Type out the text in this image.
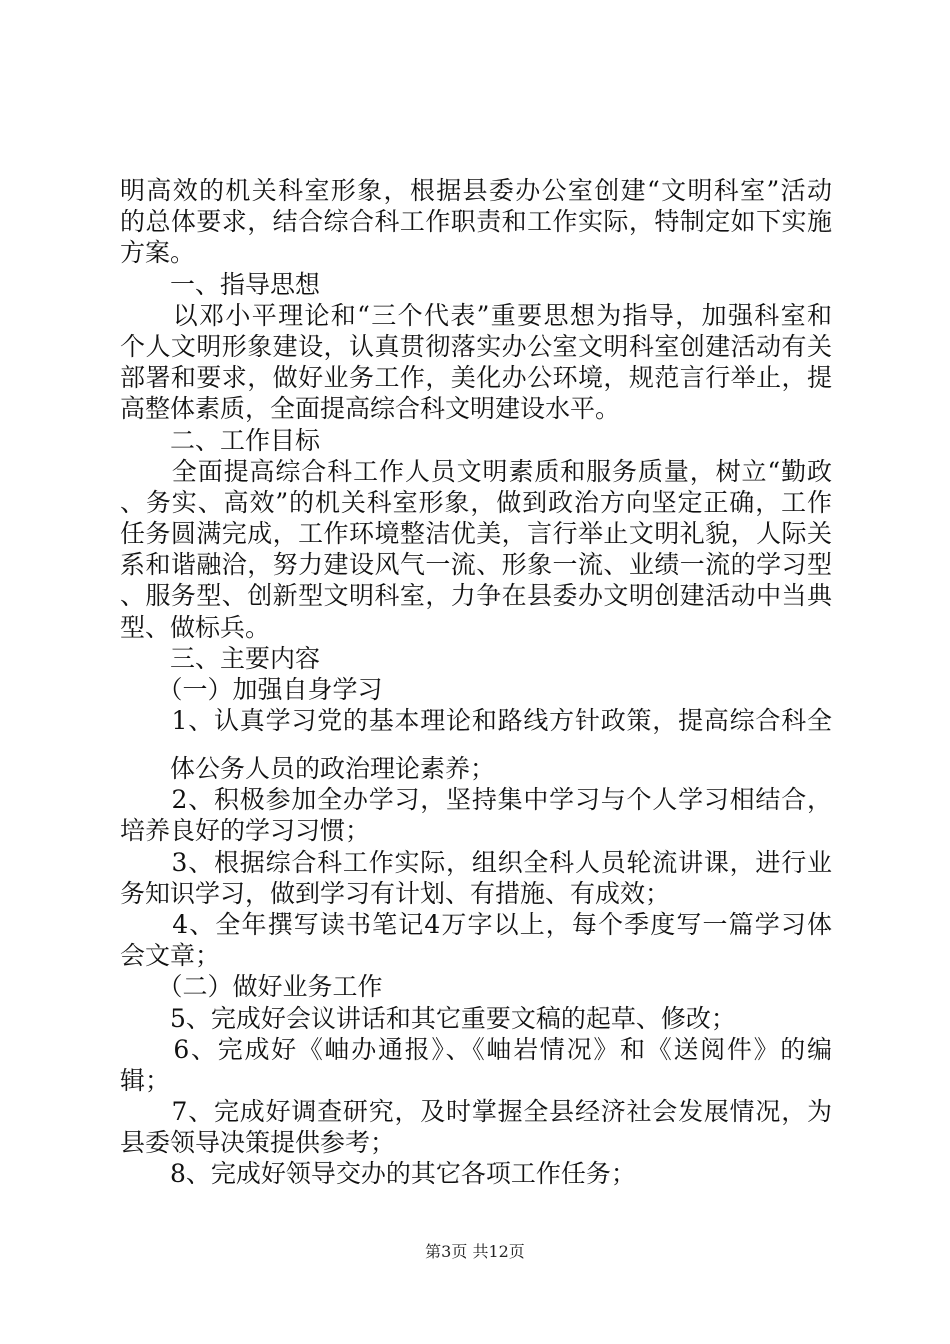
明高效的机关科室形象，根据县委办公室创建“文明科室”活动
的总体要求，结合综合科工作职责和工作实际，特制定如下实施
方案。
　　一、指导思想
　　以邓小平理论和“三个代表”重要思想为指导，加强科室和
个人文明形象建设，认真贯彻落实办公室文明科室创建活动有关
部署和要求，做好业务工作，美化办公环境，规范言行举止，提
高整体素质，全面提高综合科文明建设水平。
　　二、工作目标
　　全面提高综合科工作人员文明素质和服务质量，树立“勤政
、务实、高效”的机关科室形象，做到政治方向坚定正确，工作
任务圆满完成，工作环境整洁优美，言行举止文明礼貌，人际关
系和谐融洽，努力建设风气一流、形象一流、业绩一流的学习型
、服务型、创新型文明科室，力争在县委办文明创建活动中当典
型、做标兵。
　　三、主要内容
　　（一）加强自身学习
　　1、认真学习党的基本理论和路线方针政策，提高综合科全
　　体公务人员的政治理论素养；
　　2、积极参加全办学习，坚持集中学习与个人学习相结合，
培养良好的学习习惯；
　　3、根据综合科工作实际，组织全科人员轮流讲课，进行业
务知识学习，做到学习有计划、有措施、有成效；
　　4、全年撰写读书笔记4万字以上，每个季度写一篇学习体
会文章；
　　（二）做好业务工作
　　5、完成好会议讲话和其它重要文稿的起草、修改；
　　6、完成好《岫办通报》、《岫岩情况》和《送阅件》的编
辑；
　　7、完成好调查研究，及时掌握全县经济社会发展情况，为
县委领导决策提供参考；
　　8、完成好领导交办的其它各项工作任务；
第3页 共12页
